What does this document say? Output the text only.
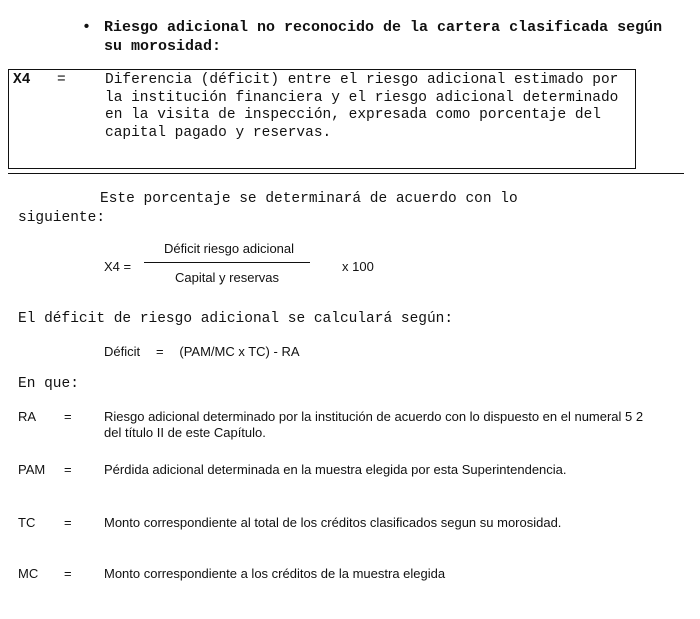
• Riesgo adicional no reconocido de la cartera clasificada según su morosidad:
X4 =	Diferencia (déficit) entre el riesgo adicional estimado por la institución financiera y el riesgo adicional determinado en la visita de inspección, expresada como porcentaje del capital pagado y reservas.
Este porcentaje se determinará de acuerdo con lo
siguiente:
X4 =
Déficit riesgo adicional
Capital y reservas
x 100
El déficit de riesgo adicional se calculará según:
Déficit = (PAM/MC x TC) - RA
En que:
RA = Riesgo adicional determinado por la institución de acuerdo con lo dispuesto en el numeral 5 2 del título II de este Capítulo.
PAM = Pérdida adicional determinada en la muestra elegida por esta Superintendencia.
TC = Monto correspondiente al total de los créditos clasificados segun su morosidad.
MC = Monto correspondiente a los créditos de la muestra elegida
